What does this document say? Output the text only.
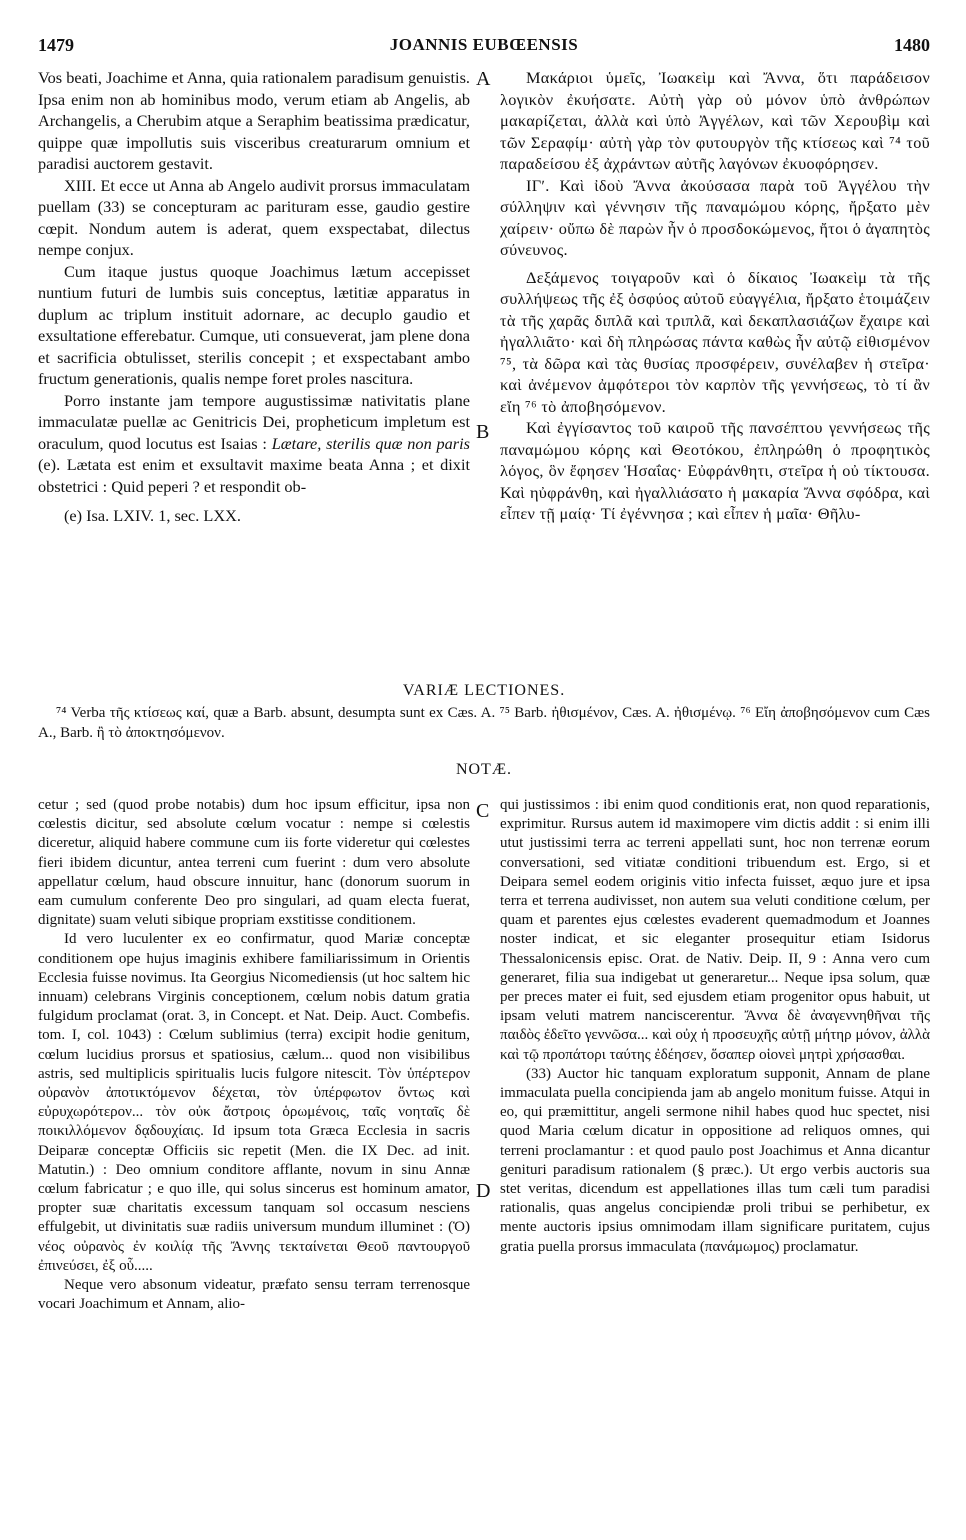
1479	JOANNIS EUBŒENSIS	1480

Vos beati, Joachime et Anna, quia rationalem paradisum genuistis. Ipsa enim non ab hominibus modo, verum etiam ab Angelis, ab Archangelis, a Cherubim atque a Seraphim beatissima prædicatur, quippe quæ impollutis suis visceribus creaturarum omnium et paradisi auctorem gestavit.

XIII. Et ecce ut Anna ab Angelo audivit prorsus immaculatam puellam (33) se concepturam ac parituram esse, gaudio gestire cœpit. Nondum autem is aderat, quem exspectabat, dilectus nempe conjux.

Cum itaque justus quoque Joachimus lætum accepisset nuntium futuri de lumbis suis conceptus, lætitiæ apparatus in duplum ac triplum instituit adornare, ac decuplo gaudio et exsultatione efferebatur. Cumque, uti consueverat, jam plene dona et sacrificia obtulisset, sterilis concepit ; et exspectabant ambo fructum generationis, qualis nempe foret proles nascitura.

Porro instante jam tempore augustissimæ nativitatis plane immaculatæ puellæ ac Genitricis Dei, propheticum impletum est oraculum, quod locutus est Isaias : Lætare, sterilis quæ non paris (e). Lætata est enim et exsultavit maxime beata Anna ; et dixit obstetrici : Quid peperi ? et respondit ob-

(e) Isa. LXIV. 1, sec. LXX.

A
B
C
D

Μακάριοι ὑμεῖς, Ἰωακεὶμ καὶ Ἄννα, ὅτι παράδεισον λογικὸν ἐκυήσατε. Αὐτὴ γὰρ οὐ μόνον ὑπὸ ἀνθρώπων μακαρίζεται, ἀλλὰ καὶ ὑπὸ Ἀγγέλων, καὶ τῶν Χερουβὶμ καὶ τῶν Σεραφίμ· αὐτὴ γὰρ τὸν φυτουργὸν τῆς κτίσεως καὶ ⁷⁴ τοῦ παραδείσου ἐξ ἀχράντων αὐτῆς λαγόνων ἐκυοφόρησεν.

ΙΓʹ. Καὶ ἰδοὺ Ἄννα ἀκούσασα παρὰ τοῦ Ἀγγέλου τὴν σύλληψιν καὶ γέννησιν τῆς παναμώμου κόρης, ἤρξατο μὲν χαίρειν· οὔπω δὲ παρὼν ἦν ὁ προσδοκώμενος, ἤτοι ὁ ἀγαπητὸς σύνευνος.

Δεξάμενος τοιγαροῦν καὶ ὁ δίκαιος Ἰωακεὶμ τὰ τῆς συλλήψεως τῆς ἐξ ὀσφύος αὐτοῦ εὐαγγέλια, ἤρξατο ἑτοιμάζειν τὰ τῆς χαρᾶς διπλᾶ καὶ τριπλᾶ, καὶ δεκαπλασιάζων ἔχαιρε καὶ ἠγαλλιᾶτο· καὶ δὴ πληρώσας πάντα καθὼς ἦν αὐτῷ εἰθισμένον ⁷⁵, τὰ δῶρα καὶ τὰς θυσίας προσφέρειν, συνέλαβεν ἡ στεῖρα· καὶ ἀνέμενον ἀμφότεροι τὸν καρπὸν τῆς γεννήσεως, τὸ τί ἂν εἴη ⁷⁶ τὸ ἀποβησόμενον.

Καὶ ἐγγίσαντος τοῦ καιροῦ τῆς πανσέπτου γεννήσεως τῆς παναμώμου κόρης καὶ Θεοτόκου, ἐπληρώθη ὁ προφητικὸς λόγος, ὃν ἔφησεν Ἡσαΐας· Εὐφράνθητι, στεῖρα ἡ οὐ τίκτουσα. Καὶ ηὐφράνθη, καὶ ἠγαλλιάσατο ἡ μακαρία Ἄννα σφόδρα, καὶ εἶπεν τῇ μαίᾳ· Τί ἐγέννησα ; καὶ εἶπεν ἡ μαῖα· Θῆλυ-

VARIÆ LECTIONES.

⁷⁴ Verba τῆς κτίσεως καί, quæ a Barb. absunt, desumpta sunt ex Cæs. A. ⁷⁵ Barb. ἠθισμένον, Cæs. A. ἠθισμένῳ. ⁷⁶ Εἴη ἀποβησόμενον cum Cæs A., Barb. ἢ τὸ ἀποκτησόμενον.

NOTÆ.

cetur ; sed (quod probe notabis) dum hoc ipsum efficitur, ipsa non cœlestis dicitur, sed absolute cœlum vocatur : nempe si cœlestis diceretur, aliquid habere commune cum iis forte videretur qui cœlestes fieri ibidem dicuntur, antea terreni cum fuerint : dum vero absolute appellatur cœlum, haud obscure innuitur, hanc (donorum suorum in eam cumulum conferente Deo pro singulari, ad quam electa fuerat, dignitate) suam veluti sibique propriam exstitisse conditionem.

Id vero luculenter ex eo confirmatur, quod Mariæ conceptæ conditionem ope hujus imaginis exhibere familiarissimum in Orientis Ecclesia fuisse novimus. Ita Georgius Nicomediensis (ut hoc saltem hic innuam) celebrans Virginis conceptionem, cœlum nobis datum gratia fulgidum proclamat (orat. 3, in Concept. et Nat. Deip. Auct. Combefis. tom. I, col. 1043) : Cœlum sublimius (terra) excipit hodie genitum, cœlum lucidius prorsus et spatiosius, cælum... quod non visibilibus astris, sed multiplicis spiritualis lucis fulgore nitescit. Τὸν ὑπέρτερον οὐρανὸν ἀποτικτόμενον δέχεται, τὸν ὑπέρφωτον ὄντως καὶ εὐρυχωρότερον... τὸν οὐκ ἄστροις ὁρωμένοις, ταῖς νοηταῖς δὲ ποικιλλόμενον δᾳδουχίαις. Id ipsum tota Græca Ecclesia in sacris Deiparæ conceptæ Officiis sic repetit (Men. die IX Dec. ad init. Matutin.) : Deo omnium conditore afflante, novum in sinu Annæ cœlum fabricatur ; e quo ille, qui solus sincerus est hominum amator, propter suæ charitatis excessum tanquam sol occasum nesciens effulgebit, ut divinitatis suæ radiis universum mundum illuminet : (Ὁ) νέος οὐρανὸς ἐν κοιλίᾳ τῆς Ἄννης τεκταίνεται Θεοῦ παντουργοῦ ἐπινεύσει, ἐξ οὗ.....

Neque vero absonum videatur, præfato sensu terram terrenosque vocari Joachimum et Annam, alio-

qui justissimos : ibi enim quod conditionis erat, non quod reparationis, exprimitur. Rursus autem id maximopere vim dictis addit : si enim illi utut justissimi terra ac terreni appellati sunt, hoc non terrenæ eorum conversationi, sed vitiatæ conditioni tribuendum est. Ergo, si et Deipara semel eodem originis vitio infecta fuisset, æquo jure et ipsa terra et terrena audivisset, non autem sua veluti conditione cœlum, per quam et parentes ejus cœlestes evaderent quemadmodum et Joannes noster indicat, et sic eleganter prosequitur etiam Isidorus Thessalonicensis episc. Orat. de Nativ. Deip. II, 9 : Anna vero cum generaret, filia sua indigebat ut generaretur... Neque ipsa solum, quæ per preces mater ei fuit, sed ejusdem etiam progenitor opus habuit, ut ipsam veluti matrem nanciscerentur. Ἄννα δὲ ἀναγεννηθῆναι τῆς παιδὸς ἐδεῖτο γεννῶσα... καὶ οὐχ ἡ προσευχῆς αὐτῇ μήτηρ μόνον, ἀλλὰ καὶ τῷ προπάτορι ταύτης ἐδέησεν, ὅσαπερ οἱονεὶ μητρὶ χρήσασθαι.

(33) Auctor hic tanquam exploratum supponit, Annam de plane immaculata puella concipienda jam ab angelo monitum fuisse. Atqui in eo, qui præmittitur, angeli sermone nihil habes quod huc spectet, nisi quod Maria cœlum dicatur in oppositione ad reliquos omnes, qui terreni proclamantur : et quod paulo post Joachimus et Anna dicantur genituri paradisum rationalem (§ præc.). Ut ergo verbis auctoris sua stet veritas, dicendum est appellationes illas tum cæli tum paradisi rationalis, quas angelus concipiendæ proli tribui se perhibetur, ex mente auctoris ipsius omnimodam illam significare puritatem, cujus gratia puella prorsus immaculata (πανάμωμος) proclamatur.
